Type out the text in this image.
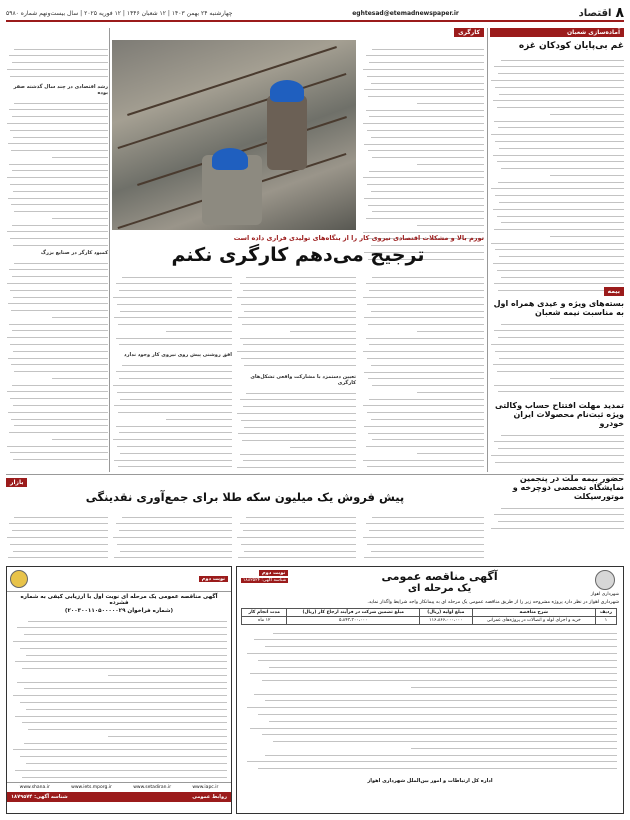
۸
اقتصاد
eghtesad@etemadnewspaper.ir
چهارشنبه ۲۴ بهمن ۱۴۰۳ | ۱۲ شعبان ۱۴۴۶ | ۱۲ فوریه ۲۰۲۵ | سال بیست‌ونهم شماره ۵۹۸۰
آماده‌سازی شعبان
غم بی‌پایان کودکان غزه
کارگری
تورم بالا و مشکلات اقتصادی نیروی کار را از بنگاه‌های تولیدی فراری داده است
ترجیح می‌دهم کارگری نکنم
رشد اقتصادی در چند سال گذشته صفر بوده
کمبود کارگر در صنایع بزرگ
تعیین دستمزد با مشارکت واقعی تشکل‌های کارگری
افق روشنی پیش روی نیروی کار وجود ندارد
بیمه
بسته‌های ویژه و عیدی همراه اول به مناسبت نیمه شعبان
تمدید مهلت افتتاح حساب وکالتی ویژه ثبت‌نام محصولات ایران خودرو
حضور بیمه ملت در پنجمین نمایشگاه تخصصی دوچرخه و موتورسیکلت
بازار
پیش فروش یک میلیون سکه طلا برای جمع‌آوری نقدینگی
نوبت دوم
آگهی مناقصه عمومی یک مرحله ای نوبت اول با ارزیابی کیفی به شماره فشرده
(شماره فراخوان ۲۰۰۳۰۰۱۱۰۵۰۰۰۰۰۲۹)
www.shana.ir	www.iets.mporg.ir	www.setadiran.ir	www.iapc.ir
روابط عمومی
شناسه آگهی: ۱۸۷۹۵۷۴
شهرداری اهواز
آگهی مناقصه عمومی
یک مرحله ای
نوبت دوم
شناسه آگهی: ۱۸۸۲۵۲۴
شهرداری اهواز در نظر دارد پروژه مشروحه زیر را از طریق مناقصه عمومی یک مرحله ای به پیمانکار واجد شرایط واگذار نماید.
ردیف	شرح مناقصه	مبلغ اولیه (ریال)	مبلغ تضمین شرکت در فرآیند ارجاع کار (ریال)	مدت انجام کار
۱	خرید و اجرای لوله و اتصالات در پروژه‌های عمرانی	۱۱۶،۸۶۶،۰۰۰،۰۰۰	۵،۸۴۳،۳۰۰،۰۰۰	۱۲ ماه
اداره کل ارتباطات و امور بین‌الملل شهرداری اهواز
